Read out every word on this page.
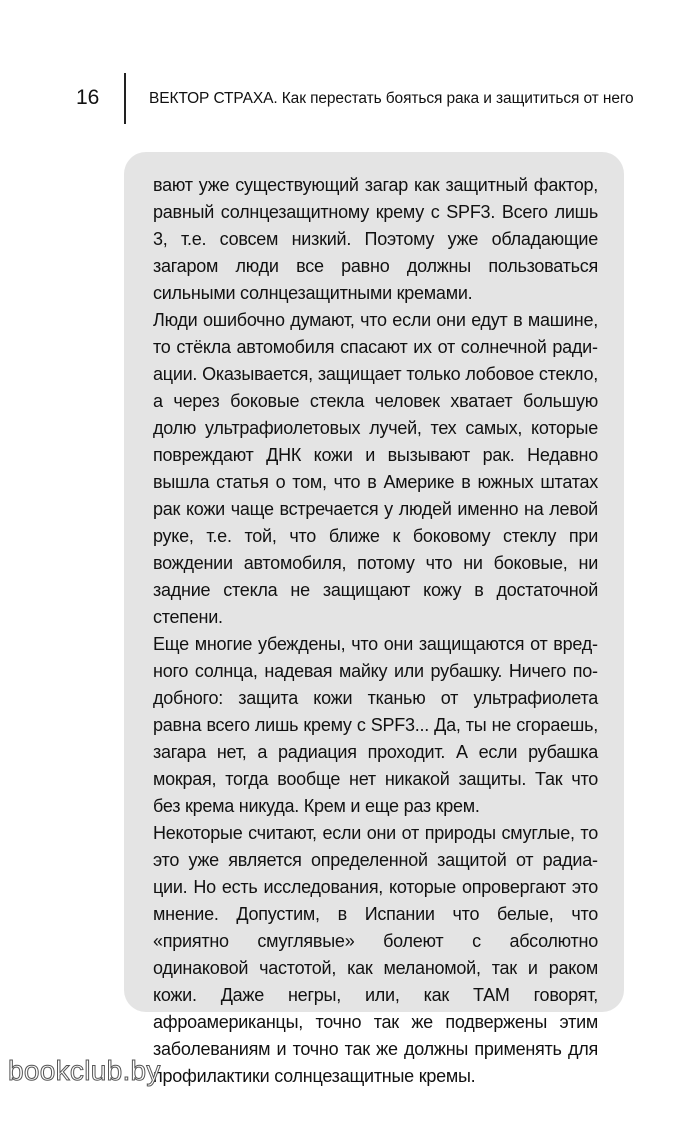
16	ВЕКТОР СТРАХА. Как перестать бояться рака и защититься от него

вают уже существующий загар как защитный фактор, равный солнцезащитному крему с SPF3. Всего лишь 3, т.е. совсем низкий. Поэтому уже обладающие загаром люди все равно должны пользоваться сильными солнцезащитными кремами.

Люди ошибочно думают, что если они едут в машине, то стёкла автомобиля спасают их от солнечной радиации. Оказывается, защищает только лобовое стекло, а через боковые стекла человек хватает большую долю ультрафиолетовых лучей, тех самых, которые повреждают ДНК кожи и вызывают рак. Недавно вышла статья о том, что в Америке в южных штатах рак кожи чаще встречается у людей именно на левой руке, т.е. той, что ближе к боковому стеклу при вождении автомобиля, потому что ни боковые, ни задние стекла не защищают кожу в достаточной степени.

Еще многие убеждены, что они защищаются от вредного солнца, надевая майку или рубашку. Ничего подобного: защита кожи тканью от ультрафиолета равна всего лишь крему с SPF3... Да, ты не сгораешь, загара нет, а радиация проходит. А если рубашка мокрая, тогда вообще нет никакой защиты. Так что без крема никуда. Крем и еще раз крем.

Некоторые считают, если они от природы смуглые, то это уже является определенной защитой от радиации. Но есть исследования, которые опровергают это мнение. Допустим, в Испании что белые, что «приятно смуглявые» болеют с абсолютно одинаковой частотой, как меланомой, так и раком кожи. Даже негры, или, как ТАМ говорят, афроамериканцы, точно так же подвержены этим заболеваниям и точно так же должны применять для профилактики солнцезащитные кремы.

bookclub.by
